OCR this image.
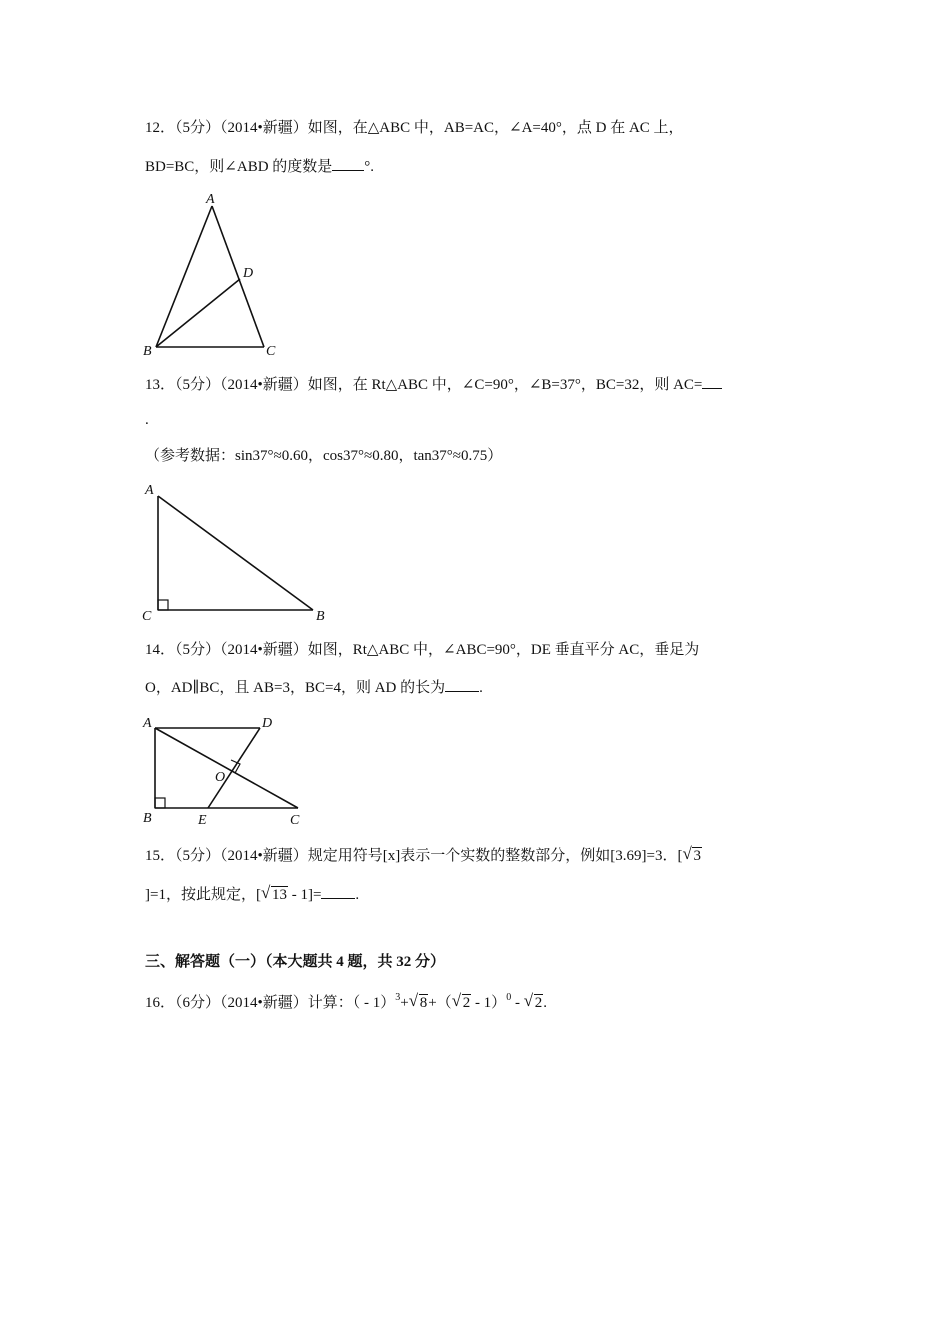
12．（5分）（2014•新疆）如图，在△ABC 中，AB=AC，∠A=40°，点 D 在 AC 上，
BD=BC，则∠ABD 的度数是 °.
A
D
B	C
13．（5分）（2014•新疆）如图，在 Rt△ABC 中，∠C=90°，∠B=37°，BC=32，则 AC=
.
（参考数据：sin37°≈0.60，cos37°≈0.80，tan37°≈0.75）
A
C	B
14．（5分）（2014•新疆）如图，Rt△ABC 中，∠ABC=90°，DE 垂直平分 AC，垂足为
O，AD∥BC，且 AB=3，BC=4，则 AD 的长为 .
A	D
O
B	E	C
15．（5分）（2014•新疆）规定用符号[x]表示一个实数的整数部分，例如[3.69]=3．[ √ 3
]=1，按此规定，[ √ 13 - 1]= .
三、解答题（一）（本大题共 4 题，共 32 分）
16．（6分）（2014•新疆）计算：（ - 1）$^3$+ √ 8+（ √ 2 - 1）$^0$ - √ 2.
